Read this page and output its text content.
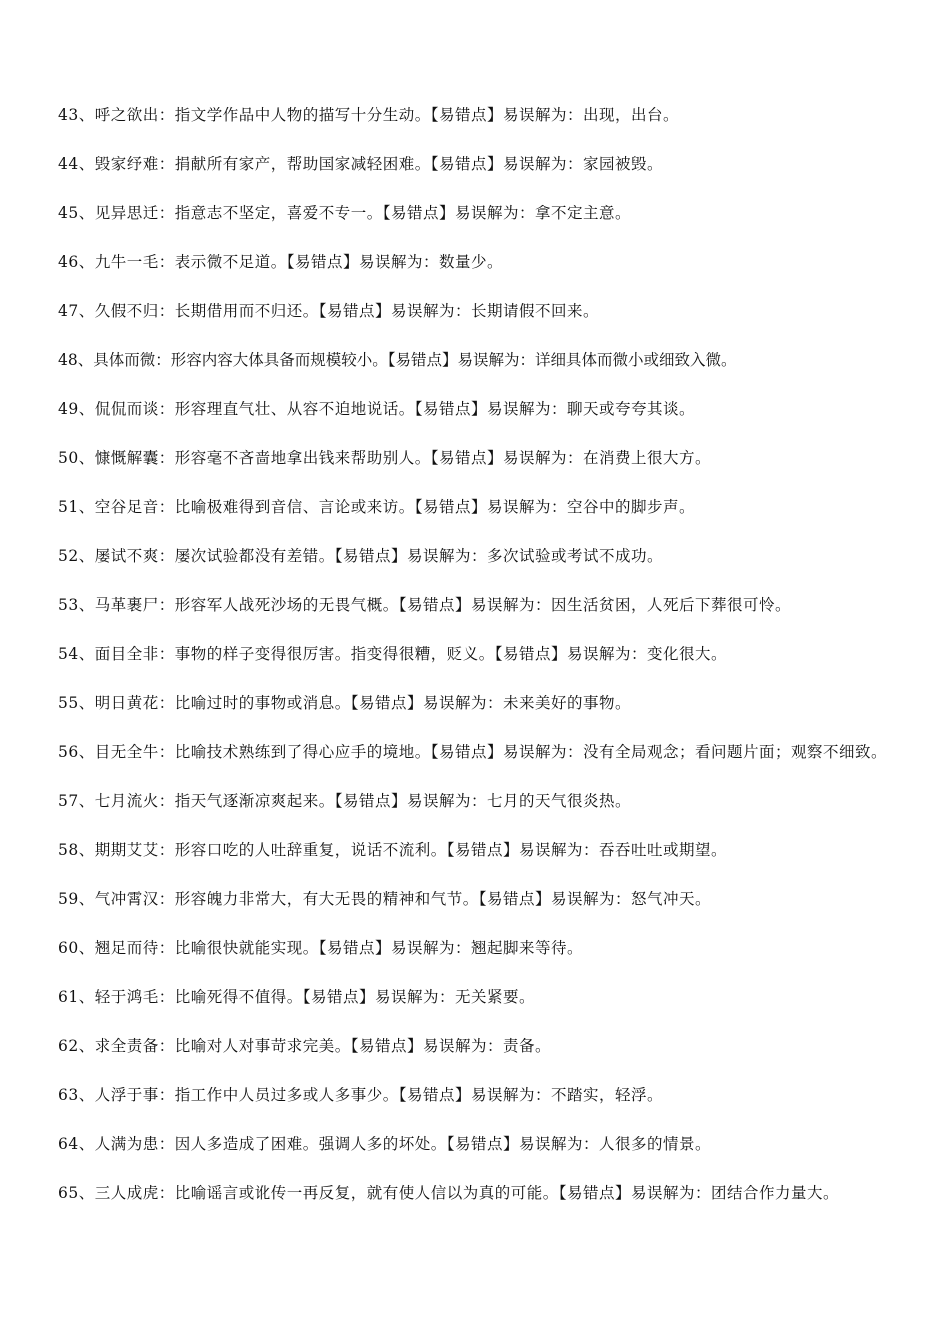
43、呼之欲出：指文学作品中人物的描写十分生动。【易错点】易误解为：出现，出台。

44、毁家纾难：捐献所有家产，帮助国家减轻困难。【易错点】易误解为：家园被毁。

45、见异思迁：指意志不坚定，喜爱不专一。【易错点】易误解为：拿不定主意。

46、九牛一毛：表示微不足道。【易错点】易误解为：数量少。

47、久假不归：长期借用而不归还。【易错点】易误解为：长期请假不回来。

48、具体而微：形容内容大体具备而规模较小。【易错点】易误解为：详细具体而微小或细致入微。

49、侃侃而谈：形容理直气壮、从容不迫地说话。【易错点】易误解为：聊天或夸夸其谈。

50、慷慨解囊：形容毫不吝啬地拿出钱来帮助别人。【易错点】易误解为：在消费上很大方。

51、空谷足音：比喻极难得到音信、言论或来访。【易错点】易误解为：空谷中的脚步声。

52、屡试不爽：屡次试验都没有差错。【易错点】易误解为：多次试验或考试不成功。

53、马革裹尸：形容军人战死沙场的无畏气概。【易错点】易误解为：因生活贫困，人死后下葬很可怜。

54、面目全非：事物的样子变得很厉害。指变得很糟，贬义。【易错点】易误解为：变化很大。

55、明日黄花：比喻过时的事物或消息。【易错点】易误解为：未来美好的事物。

56、目无全牛：比喻技术熟练到了得心应手的境地。【易错点】易误解为：没有全局观念；看问题片面；观察不细致。

57、七月流火：指天气逐渐凉爽起来。【易错点】易误解为：七月的天气很炎热。

58、期期艾艾：形容口吃的人吐辞重复，说话不流利。【易错点】易误解为：吞吞吐吐或期望。

59、气冲霄汉：形容魄力非常大，有大无畏的精神和气节。【易错点】易误解为：怒气冲天。

60、翘足而待：比喻很快就能实现。【易错点】易误解为：翘起脚来等待。

61、轻于鸿毛：比喻死得不值得。【易错点】易误解为：无关紧要。

62、求全责备：比喻对人对事苛求完美。【易错点】易误解为：责备。

63、人浮于事：指工作中人员过多或人多事少。【易错点】易误解为：不踏实，轻浮。

64、人满为患：因人多造成了困难。强调人多的坏处。【易错点】易误解为：人很多的情景。

65、三人成虎：比喻谣言或讹传一再反复，就有使人信以为真的可能。【易错点】易误解为：团结合作力量大。
